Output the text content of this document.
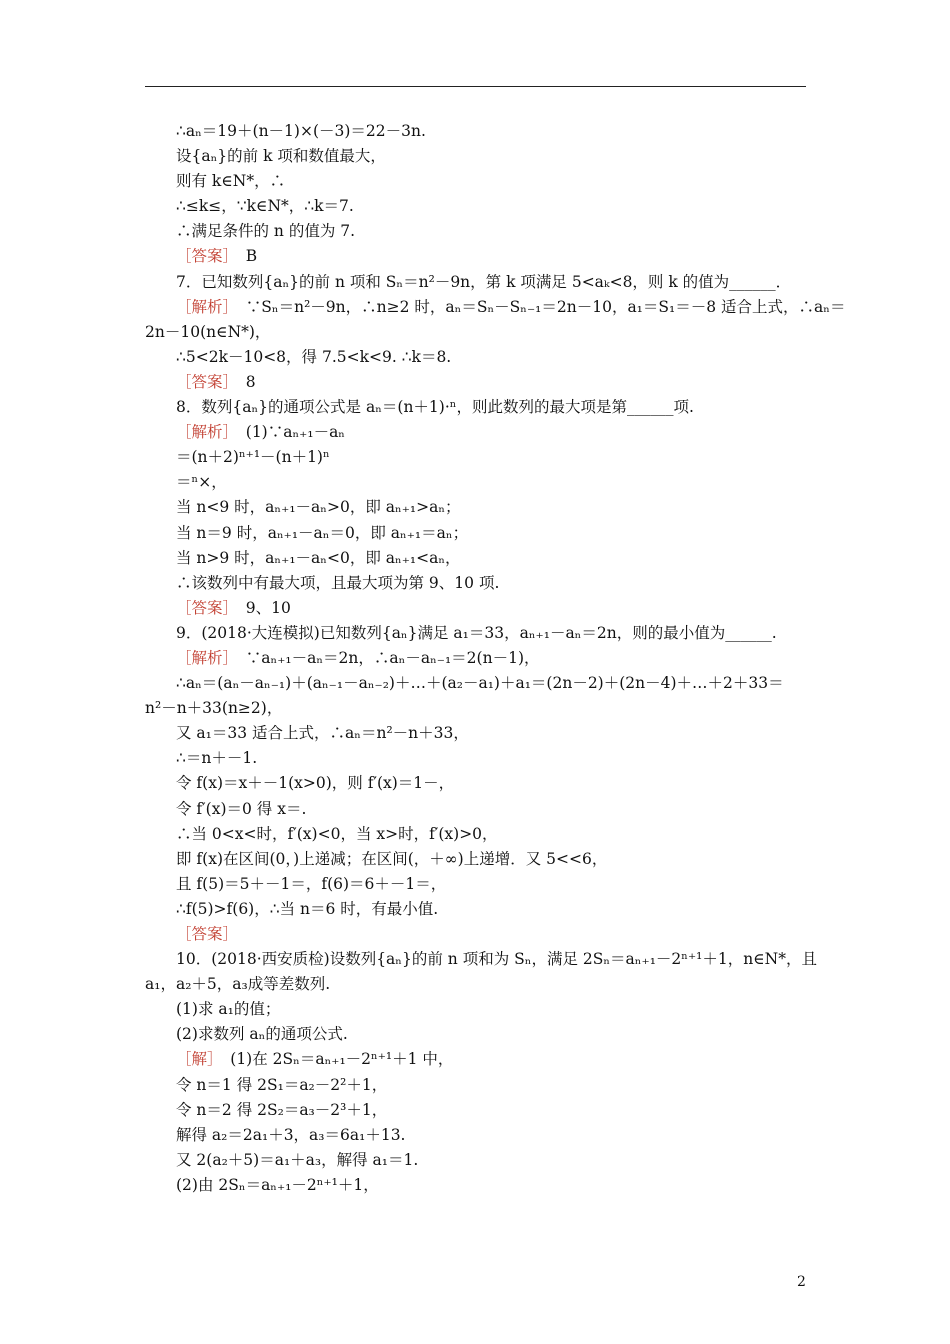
∴aₙ＝19＋(n－1)×(－3)＝22－3n.
设{aₙ}的前 k 项和数值最大，
则有 k∈N*，∴
∴≤k≤，∵k∈N*，∴k＝7.
∴满足条件的 n 的值为 7.
［答案］　B
7．已知数列{aₙ}的前 n 项和 Sₙ＝n²－9n，第 k 项满足 5<aₖ<8，则 k 的值为______．
［解析］　∵Sₙ＝n²－9n，∴n≥2 时，aₙ＝Sₙ－Sₙ₋₁＝2n－10，a₁＝S₁＝－8 适合上式，∴aₙ＝
2n－10(n∈N*)，
∴5<2k－10<8，得 7.5<k<9. ∴k＝8.
［答案］　8
8．数列{aₙ}的通项公式是 aₙ＝(n＋1)·ⁿ，则此数列的最大项是第______项.
［解析］　(1)∵aₙ₊₁－aₙ
＝(n＋2)ⁿ⁺¹－(n＋1)ⁿ
＝ⁿ×，
当 n<9 时，aₙ₊₁－aₙ>0，即 aₙ₊₁>aₙ；
当 n＝9 时，aₙ₊₁－aₙ＝0，即 aₙ₊₁＝aₙ；
当 n>9 时，aₙ₊₁－aₙ<0，即 aₙ₊₁<aₙ，
∴该数列中有最大项，且最大项为第 9、10 项.
［答案］　9、10
9．(2018·大连模拟)已知数列{aₙ}满足 a₁＝33，aₙ₊₁－aₙ＝2n，则的最小值为______.
［解析］　∵aₙ₊₁－aₙ＝2n，∴aₙ－aₙ₋₁＝2(n－1)，
∴aₙ＝(aₙ－aₙ₋₁)＋(aₙ₋₁－aₙ₋₂)＋…＋(a₂－a₁)＋a₁＝(2n－2)＋(2n－4)＋…＋2＋33＝
n²－n＋33(n≥2)，
又 a₁＝33 适合上式，∴aₙ＝n²－n＋33，
∴＝n＋－1.
令 f(x)＝x＋－1(x>0)，则 f′(x)＝1－，
令 f′(x)＝0 得 x＝.
∴当 0<x<时，f′(x)<0，当 x>时，f′(x)>0，
即 f(x)在区间(0，)上递减；在区间(，＋∞)上递增．又 5<<6，
且 f(5)＝5＋－1＝，f(6)＝6＋－1＝，
∴f(5)>f(6)，∴当 n＝6 时，有最小值.
［答案］
10．(2018·西安质检)设数列{aₙ}的前 n 项和为 Sₙ，满足 2Sₙ＝aₙ₊₁－2ⁿ⁺¹＋1，n∈N*，且
a₁，a₂＋5，a₃成等差数列.
(1)求 a₁的值；
(2)求数列 aₙ的通项公式.
［解］　(1)在 2Sₙ＝aₙ₊₁－2ⁿ⁺¹＋1 中，
令 n＝1 得 2S₁＝a₂－2²＋1，
令 n＝2 得 2S₂＝a₃－2³＋1，
解得 a₂＝2a₁＋3，a₃＝6a₁＋13.
又 2(a₂＋5)＝a₁＋a₃，解得 a₁＝1.
(2)由 2Sₙ＝aₙ₊₁－2ⁿ⁺¹＋1，
2
